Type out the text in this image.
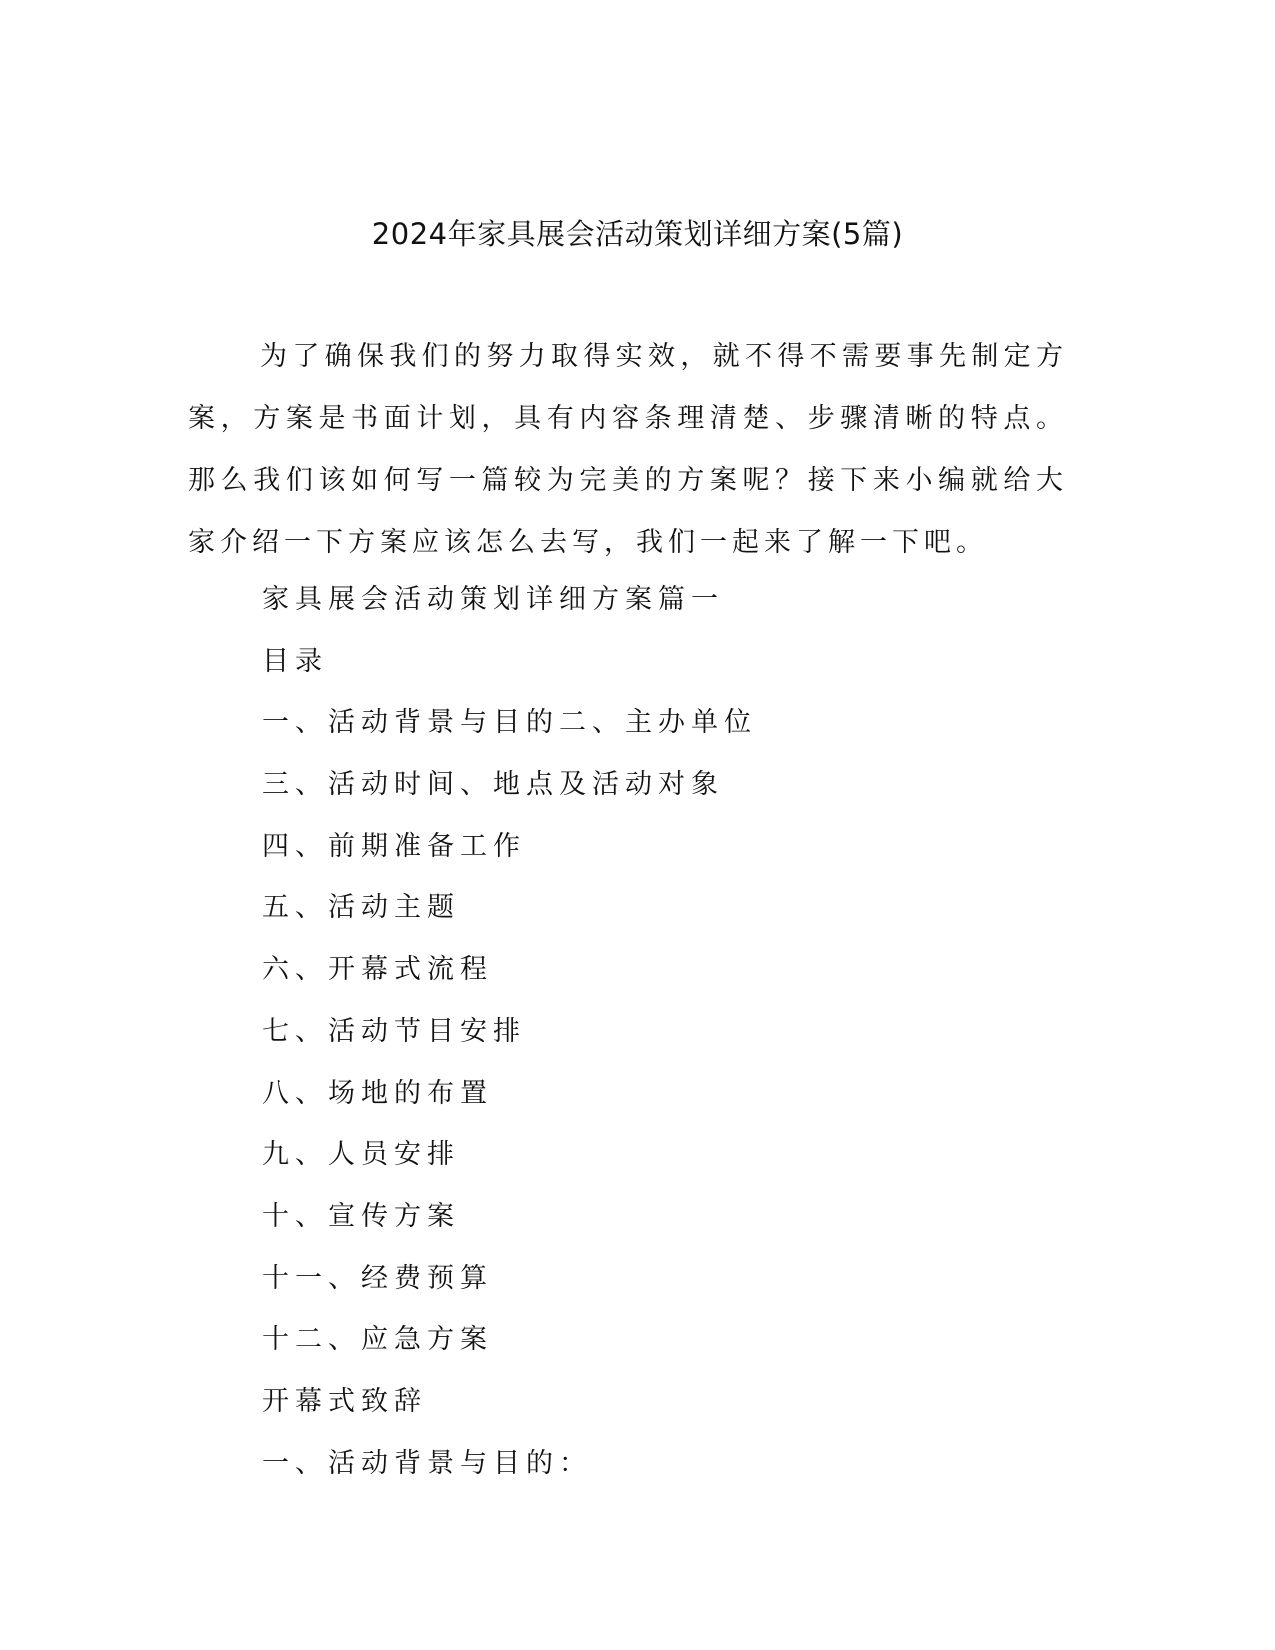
2024年家具展会活动策划详细方案(5篇)

为了确保我们的努力取得实效，就不得不需要事先制定方案，方案是书面计划，具有内容条理清楚、步骤清晰的特点。那么我们该如何写一篇较为完美的方案呢？接下来小编就给大家介绍一下方案应该怎么去写，我们一起来了解一下吧。

家具展会活动策划详细方案篇一
目录
一、活动背景与目的二、主办单位
三、活动时间、地点及活动对象
四、前期准备工作
五、活动主题
六、开幕式流程
七、活动节目安排
八、场地的布置
九、人员安排
十、宣传方案
十一、经费预算
十二、应急方案
开幕式致辞
一、活动背景与目的：
